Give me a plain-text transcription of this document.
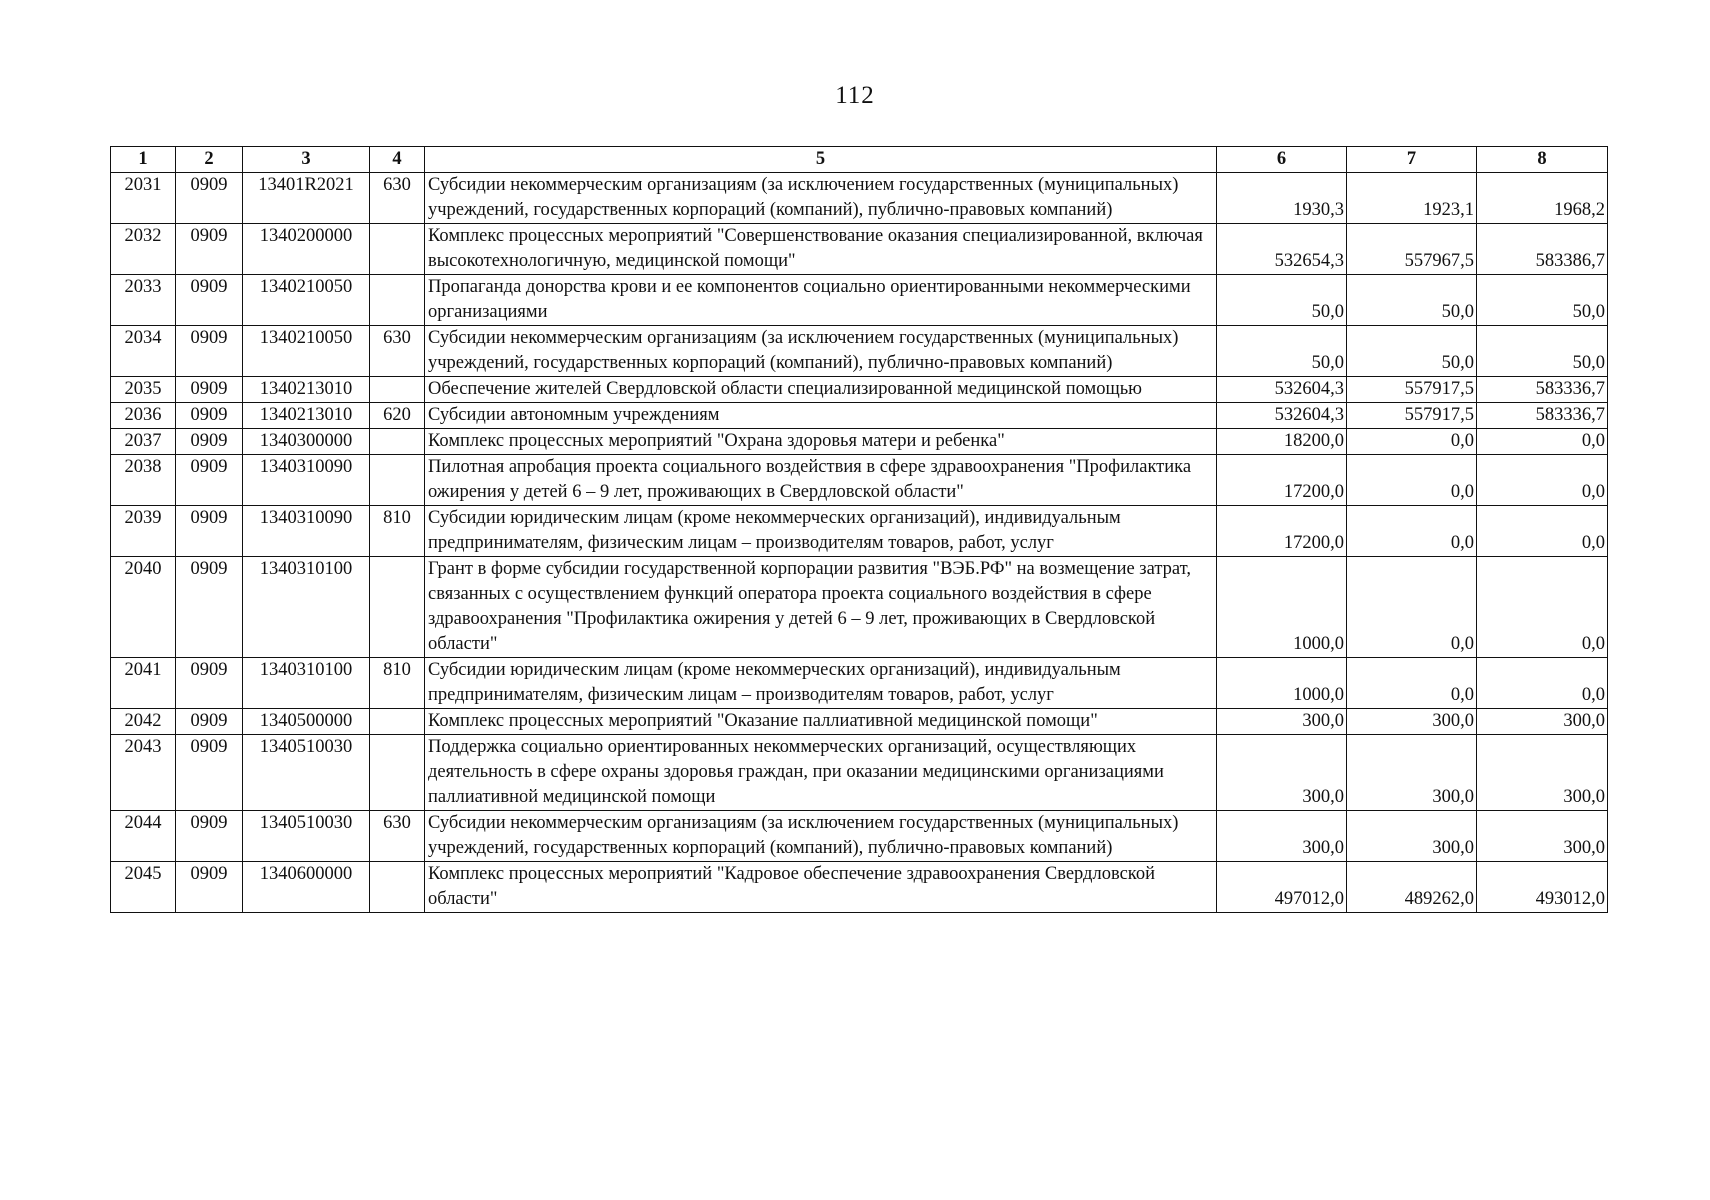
112
1	2	3	4	5	6	7	8
2031	0909	13401R2021	630	Субсидии некоммерческим организациям (за исключением государственных (муниципальных) учреждений, государственных корпораций (компаний), публично-правовых компаний)	1930,3	1923,1	1968,2
2032	0909	1340200000		Комплекс процессных мероприятий "Совершенствование оказания специализированной, включая высокотехнологичную, медицинской помощи"	532654,3	557967,5	583386,7
2033	0909	1340210050		Пропаганда донорства крови и ее компонентов социально ориентированными некоммерческими организациями	50,0	50,0	50,0
2034	0909	1340210050	630	Субсидии некоммерческим организациям (за исключением государственных (муниципальных) учреждений, государственных корпораций (компаний), публично-правовых компаний)	50,0	50,0	50,0
2035	0909	1340213010		Обеспечение жителей Свердловской области специализированной медицинской помощью	532604,3	557917,5	583336,7
2036	0909	1340213010	620	Субсидии автономным учреждениям	532604,3	557917,5	583336,7
2037	0909	1340300000		Комплекс процессных мероприятий "Охрана здоровья матери и ребенка"	18200,0	0,0	0,0
2038	0909	1340310090		Пилотная апробация проекта социального воздействия в сфере здравоохранения "Профилактика ожирения у детей 6 – 9 лет, проживающих в Свердловской области"	17200,0	0,0	0,0
2039	0909	1340310090	810	Субсидии юридическим лицам (кроме некоммерческих организаций), индивидуальным предпринимателям, физическим лицам – производителям товаров, работ, услуг	17200,0	0,0	0,0
2040	0909	1340310100		Грант в форме субсидии государственной корпорации развития "ВЭБ.РФ" на возмещение затрат, связанных с осуществлением функций оператора проекта социального воздействия в сфере здравоохранения "Профилактика ожирения у детей 6 – 9 лет, проживающих в Свердловской области"	1000,0	0,0	0,0
2041	0909	1340310100	810	Субсидии юридическим лицам (кроме некоммерческих организаций), индивидуальным предпринимателям, физическим лицам – производителям товаров, работ, услуг	1000,0	0,0	0,0
2042	0909	1340500000		Комплекс процессных мероприятий "Оказание паллиативной медицинской помощи"	300,0	300,0	300,0
2043	0909	1340510030		Поддержка социально ориентированных некоммерческих организаций, осуществляющих деятельность в сфере охраны здоровья граждан, при оказании медицинскими организациями паллиативной медицинской помощи	300,0	300,0	300,0
2044	0909	1340510030	630	Субсидии некоммерческим организациям (за исключением государственных (муниципальных) учреждений, государственных корпораций (компаний), публично-правовых компаний)	300,0	300,0	300,0
2045	0909	1340600000		Комплекс процессных мероприятий "Кадровое обеспечение здравоохранения Свердловской области"	497012,0	489262,0	493012,0
